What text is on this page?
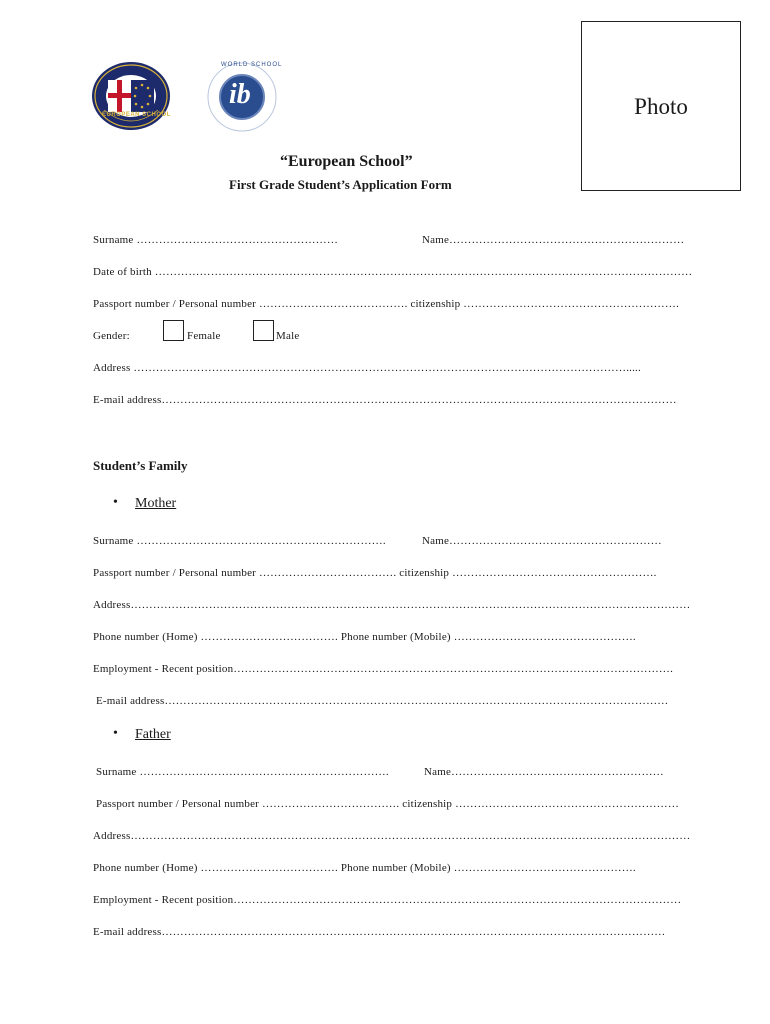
EUROPEAN SCHOOL
ib
WORLD SCHOOL
Photo
“European School”
First Grade Student’s Application Form
Surname ………………………………………………	Name………………………………………………………
Date of birth ………………………………………………………………………………………………………………………………
Passport number / Personal number …………………………………. citizenship ………………………………………………….
Gender:	Female	Male
Address …………………………………………………………………………………………………………………….....
E-mail address…………………………………………………………………………………………………………………………
Student’s Family
• Mother
Surname ………………………………………………………….	Name…………………………………………………
Passport number / Personal number ………………………………. citizenship ……………………………………………….
Address……………………………………………………………………………………………………………………………………
Phone number (Home) ………………………………. Phone number (Mobile) ………………………………………….
Employment - Recent position……………………………………………………………………………………………………….
E-mail address………………………………………………………………………………………………………………………
• Father
Surname ………………………………………………………….	Name…………………………………………………
Passport number / Personal number ………………………………. citizenship ……………………………………………………
Address……………………………………………………………………………………………………………………………………
Phone number (Home) ………………………………. Phone number (Mobile) ………………………………………….
Employment - Recent position…………………………………………………………………………………………………………
E-mail address………………………………………………………………………………………………………………………
